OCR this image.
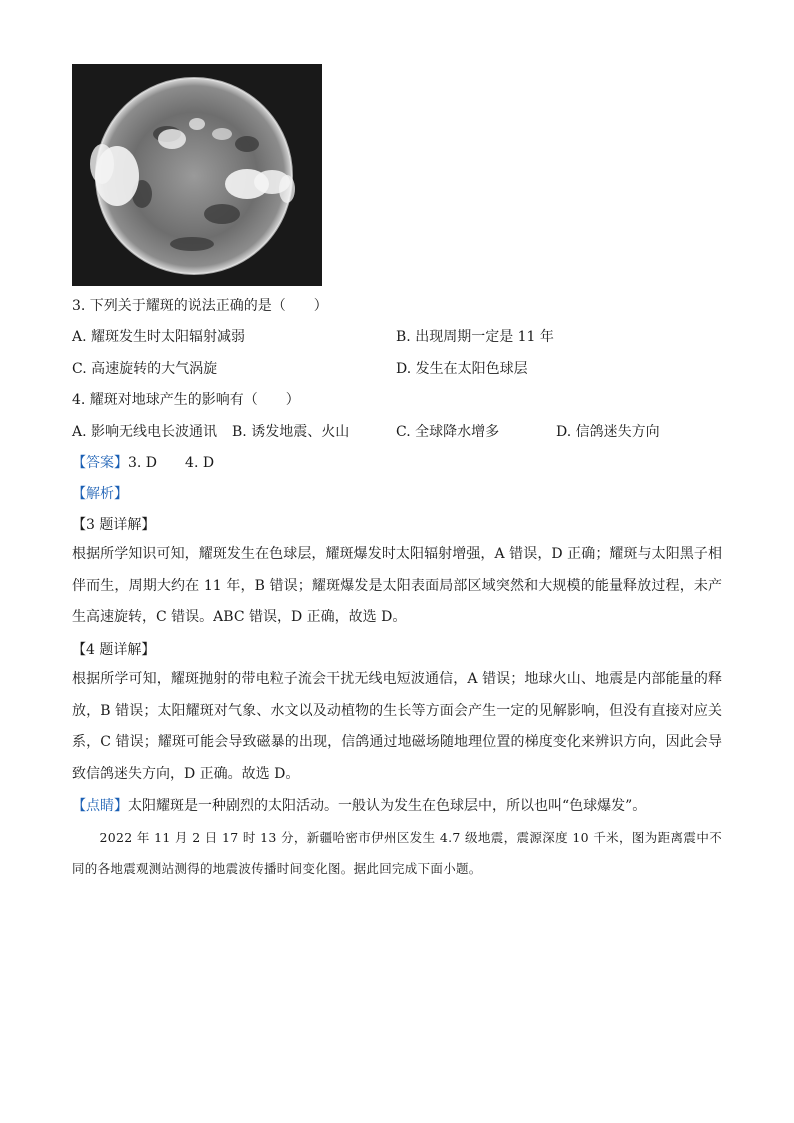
3. 下列关于耀斑的说法正确的是（　　）
A. 耀斑发生时太阳辐射减弱	B. 出现周期一定是 11 年
C. 高速旋转的大气涡旋	D. 发生在太阳色球层
4. 耀斑对地球产生的影响有（　　）
A. 影响无线电长波通讯 B. 诱发地震、火山	C. 全球降水增多	D. 信鸽迷失方向
【答案】3. D　　4. D
【解析】
【3 题详解】
根据所学知识可知，耀斑发生在色球层，耀斑爆发时太阳辐射增强，A 错误，D 正确；耀斑与太阳黑子相伴而生，周期大约在 11 年，B 错误；耀斑爆发是太阳表面局部区域突然和大规模的能量释放过程，未产生高速旋转，C 错误。ABC 错误，D 正确，故选 D。
【4 题详解】
根据所学可知，耀斑抛射的带电粒子流会干扰无线电短波通信，A 错误；地球火山、地震是内部能量的释放，B 错误；太阳耀斑对气象、水文以及动植物的生长等方面会产生一定的见解影响，但没有直接对应关系，C 错误；耀斑可能会导致磁暴的出现，信鸽通过地磁场随地理位置的梯度变化来辨识方向，因此会导致信鸽迷失方向，D 正确。故选 D。
【点睛】太阳耀斑是一种剧烈的太阳活动。一般认为发生在色球层中，所以也叫“色球爆发”。
2022 年 11 月 2 日 17 时 13 分，新疆哈密市伊州区发生 4.7 级地震，震源深度 10 千米，图为距离震中不同的各地震观测站测得的地震波传播时间变化图。据此回完成下面小题。
